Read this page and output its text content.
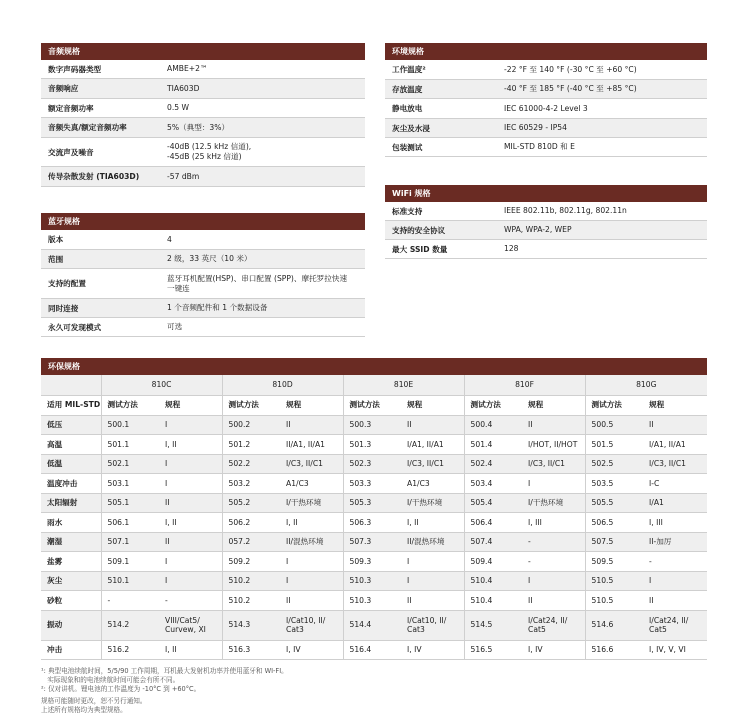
音频规格
数字声码器类型	AMBE+2™
音频响应	TIA603D
额定音频功率	0.5 W
音频失真/额定音频功率	5%（典型：3%）
交流声及噪音
-40dB (12.5 kHz 信道),
-45dB (25 kHz 信道)
传导杂散发射 (TIA603D)	-57 dBm
蓝牙规格
版本	4
范围	2 级，33 英尺（10 米）
支持的配置
蓝牙耳机配置(HSP)、串口配置 (SPP)、摩托罗拉快速
一键连
同时连接	1 个音频配件和 1 个数据设备
永久可发现模式	可选
环境规格
工作温度²	-22 °F 至 140 °F (-30 °C 至 +60 °C)
存放温度	-40 °F 至 185 °F (-40 °C 至 +85 °C)
静电放电	IEC 61000-4-2 Level 3
灰尘及水浸	IEC 60529 - IP54
包装测试	MIL-STD 810D 和 E
WiFi 规格
标准支持	IEEE 802.11b, 802.11g, 802.11n
支持的安全协议	WPA, WPA-2, WEP
最大 SSID 数量	128
环保规格
	810C		810D		810E		810F		810G	
适用 MIL-STD	测试方法	规程	测试方法	规程	测试方法	规程	测试方法	规程	测试方法	规程
低压	500.1	I	500.2	II	500.3	II	500.4	II	500.5	II
高温	501.1	I, II	501.2	II/A1, II/A1	501.3	I/A1, II/A1	501.4	I/HOT, II/HOT	501.5	I/A1, II/A1
低温	502.1	I	502.2	I/C3, II/C1	502.3	I/C3, II/C1	502.4	I/C3, II/C1	502.5	I/C3, II/C1
温度冲击	503.1	I	503.2	A1/C3	503.3	A1/C3	503.4	I	503.5	I-C
太阳辐射	505.1	II	505.2	I/干热环境	505.3	I/干热环境	505.4	I/干热环境	505.5	I/A1
雨水	506.1	I, II	506.2	I, II	506.3	I, II	506.4	I, III	506.5	I, III
潮湿	507.1	II	057.2	II/混热环境	507.3	II/混热环境	507.4	-	507.5	II-加厉
盐雾	509.1	I	509.2	I	509.3	I	509.4	-	509.5	-
灰尘	510.1	I	510.2	I	510.3	I	510.4	I	510.5	I
砂粒	-	-	510.2	II	510.3	II	510.4	II	510.5	II
振动	514.2	VIII/Cat5/
Curvew, XI	514.3	I/Cat10, II/
Cat3	514.4	I/Cat10, II/
Cat3	514.5	I/Cat24, II/
Cat5	514.6	I/Cat24, II/
Cat5
冲击	516.2	I, II	516.3	I, IV	516.4	I, IV	516.5	I, IV	516.6	I, IV, V, VI
¹: 典型电池续航时间，5/5/90 工作周期，耳机最大发射机功率并使用蓝牙和 WI-FI。
实际现象和的电池续航时间可能会有所不同。
²: 仅对讲机。锂电池的工作温度为 -10°C 到 +60°C。
规格可能随时更改，恕不另行通知。
上述所有规格均为典型规格。
